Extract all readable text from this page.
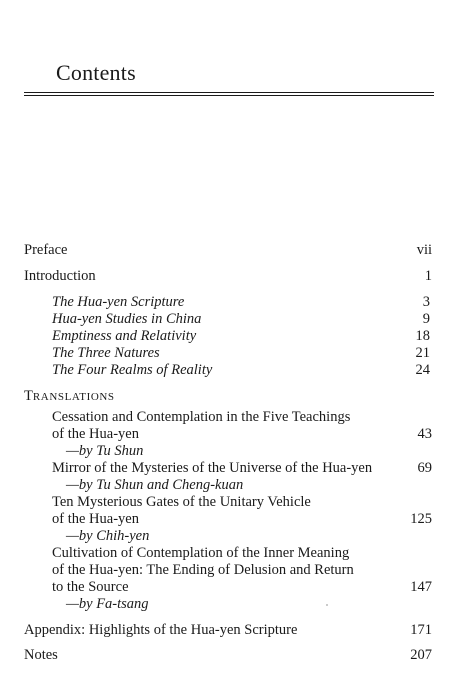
Contents
Preface	vii
Introduction	1
The Hua-yen Scripture	3
Hua-yen Studies in China	9
Emptiness and Relativity	18
The Three Natures	21
The Four Realms of Reality	24
TRANSLATIONS
Cessation and Contemplation in the Five Teachings
of the Hua-yen	43
—by Tu Shun
Mirror of the Mysteries of the Universe of the Hua-yen	69
—by Tu Shun and Cheng-kuan
Ten Mysterious Gates of the Unitary Vehicle
of the Hua-yen	125
—by Chih-yen
Cultivation of Contemplation of the Inner Meaning
of the Hua-yen: The Ending of Delusion and Return
to the Source	147
—by Fa-tsang
Appendix: Highlights of the Hua-yen Scripture	171
Notes	207
